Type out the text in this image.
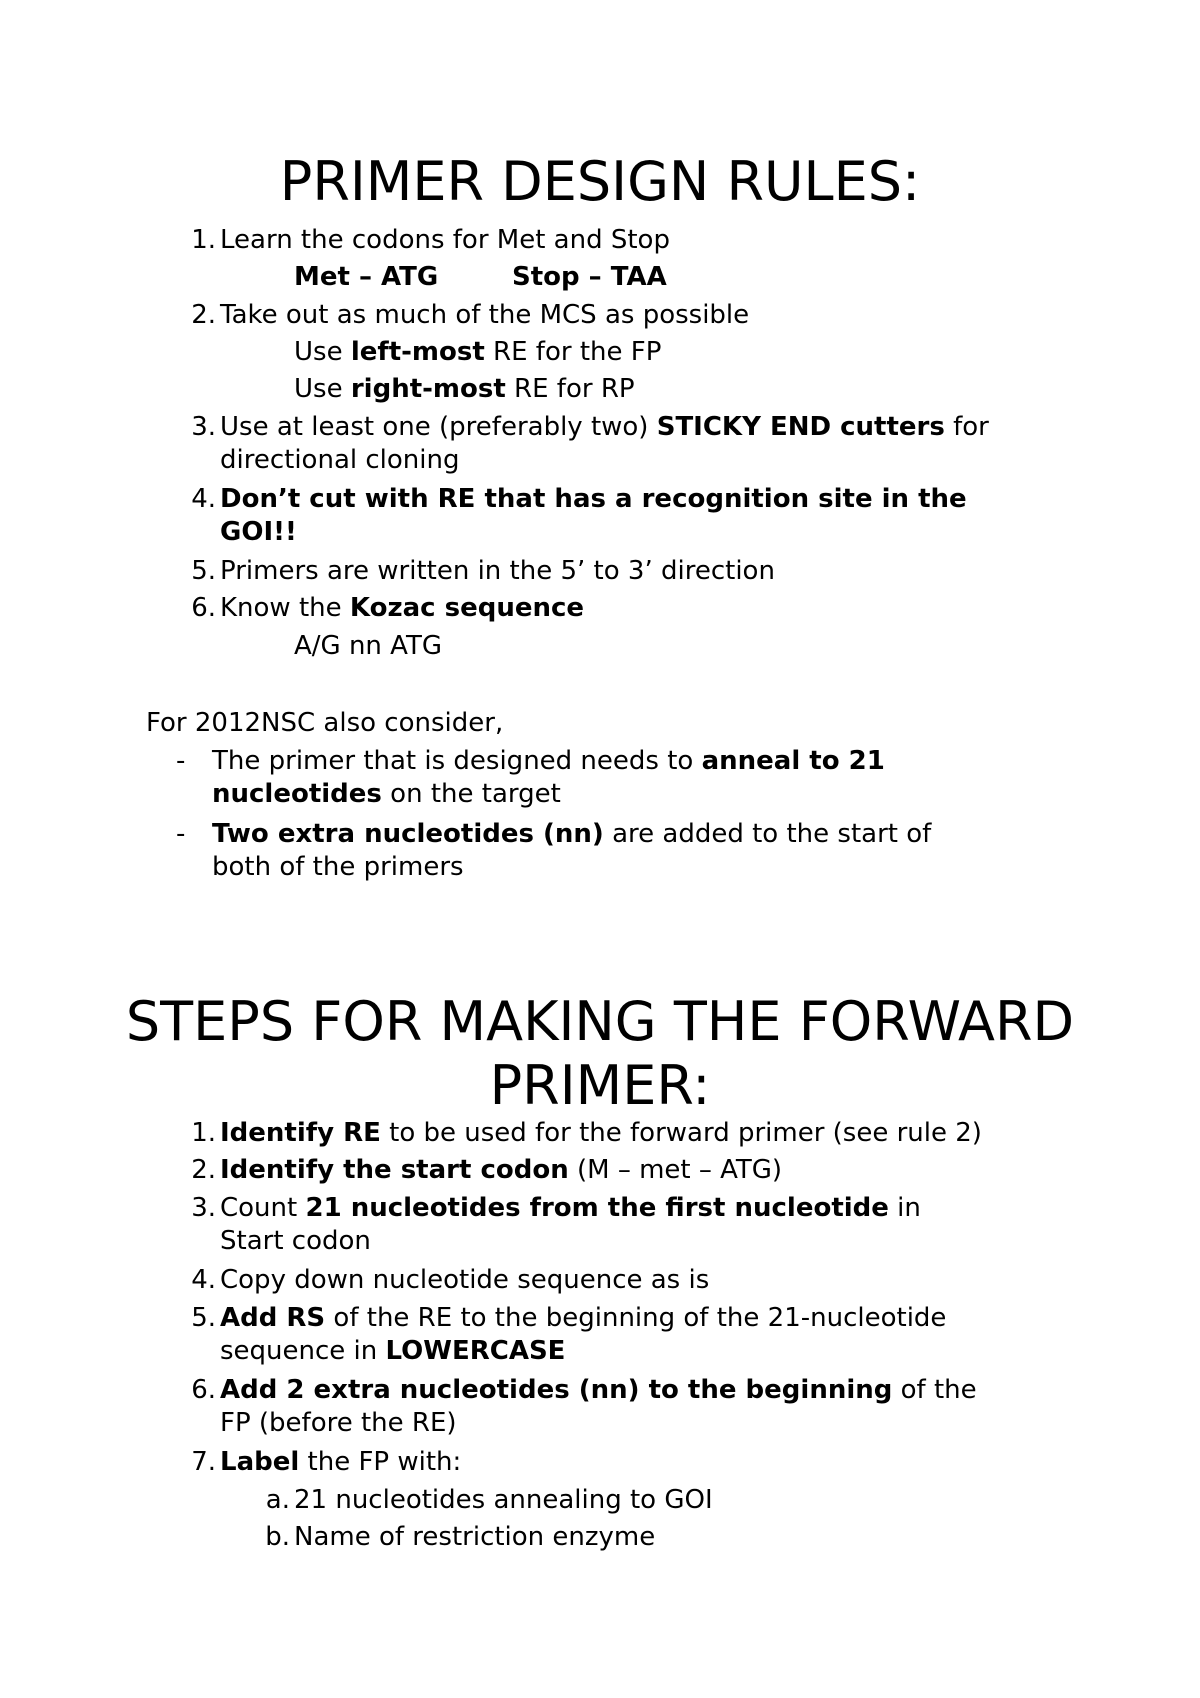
PRIMER DESIGN RULES:
1. Learn the codons for Met and Stop
Met – ATG	Stop – TAA
2. Take out as much of the MCS as possible
Use left-most RE for the FP
Use right-most RE for RP
3. Use at least one (preferably two) STICKY END cutters for
directional cloning
4. Don’t cut with RE that has a recognition site in the
GOI!!
5. Primers are written in the 5’ to 3’ direction
6. Know the Kozac sequence
A/G nn ATG
For 2012NSC also consider,
- The primer that is designed needs to anneal to 21
nucleotides on the target
- Two extra nucleotides (nn) are added to the start of
both of the primers
STEPS FOR MAKING THE FORWARD
PRIMER:
1. Identify RE to be used for the forward primer (see rule 2)
2. Identify the start codon (M – met – ATG)
3. Count 21 nucleotides from the first nucleotide in
Start codon
4. Copy down nucleotide sequence as is
5. Add RS of the RE to the beginning of the 21-nucleotide
sequence in LOWERCASE
6. Add 2 extra nucleotides (nn) to the beginning of the
FP (before the RE)
7. Label the FP with:
a. 21 nucleotides annealing to GOI
b. Name of restriction enzyme
